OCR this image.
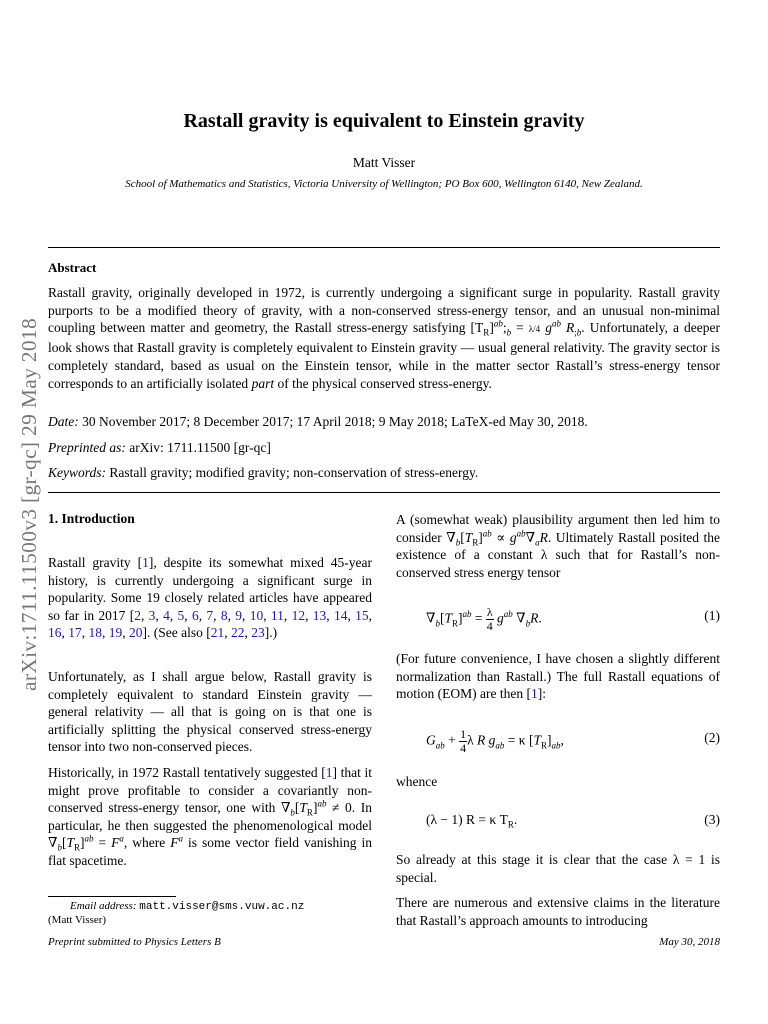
arXiv:1711.11500v3 [gr-qc] 29 May 2018
Rastall gravity is equivalent to Einstein gravity
Matt Visser
School of Mathematics and Statistics, Victoria University of Wellington; PO Box 600, Wellington 6140, New Zealand.
Abstract
Rastall gravity, originally developed in 1972, is currently undergoing a significant surge in popularity. Rastall gravity purports to be a modified theory of gravity, with a non-conserved stress-energy tensor, and an unusual non-minimal coupling between matter and geometry, the Rastall stress-energy satisfying $[T_R]^{ab};_b = \lambda/4$ $g^{ab}$ $R_{;b}$. Unfortunately, a deeper look shows that Rastall gravity is completely equivalent to Einstein gravity — usual general relativity. The gravity sector is completely standard, based as usual on the Einstein tensor, while in the matter sector Rastall’s stress-energy tensor corresponds to an artificially isolated part of the physical conserved stress-energy.
Date: 30 November 2017; 8 December 2017; 17 April 2018; 9 May 2018; LaTeX-ed May 30, 2018.
Preprinted as: arXiv: 1711.11500 [gr-qc]
Keywords: Rastall gravity; modified gravity; non-conservation of stress-energy.
1. Introduction
Rastall gravity [1], despite its somewhat mixed 45-year history, is currently undergoing a significant surge in popularity. Some 19 closely related articles have appeared so far in 2017 [2, 3, 4, 5, 6, 7, 8, 9, 10, 11, 12, 13, 14, 15, 16, 17, 18, 19, 20]. (See also [21, 22, 23].)
Unfortunately, as I shall argue below, Rastall gravity is completely equivalent to standard Einstein gravity — general relativity — all that is going on is that one is artificially splitting the physical conserved stress-energy tensor into two non-conserved pieces.
Historically, in 1972 Rastall tentatively suggested [1] that it might prove profitable to consider a covariantly non-conserved stress-energy tensor, one with $\nabla_b[T_R]^{ab} \ne 0$. In particular, he then suggested the phenomenological model $\nabla_b[T_R]^{ab} = F^a$, where $F^a$ is some vector field vanishing in flat spacetime.
Email address: matt.visser@sms.vuw.ac.nz
(Matt Visser)
A (somewhat weak) plausibility argument then led him to consider $\nabla_b[T_R]^{ab} \propto g^{ab}\nabla_aR$. Ultimately Rastall posited the existence of a constant λ such that for Rastall’s non-conserved stress energy tensor
$\nabla_b[T_R]^{ab} = \frac{\lambda}{4} g^{ab}$ $\nabla_bR$.	(1)
(For future convenience, I have chosen a slightly different normalization than Rastall.) The full Rastall equations of motion (EOM) are then [1]:
$G_{ab} + \frac{1}{4}$ λ R $g_{ab} = \kappa$ $[T_R]_{ab}$,	(2)
whence
(λ − 1) R = κ $T_R$.	(3)
So already at this stage it is clear that the case λ = 1 is special.
There are numerous and extensive claims in the literature that Rastall’s approach amounts to introducing
Preprint submitted to Physics Letters B	May 30, 2018
